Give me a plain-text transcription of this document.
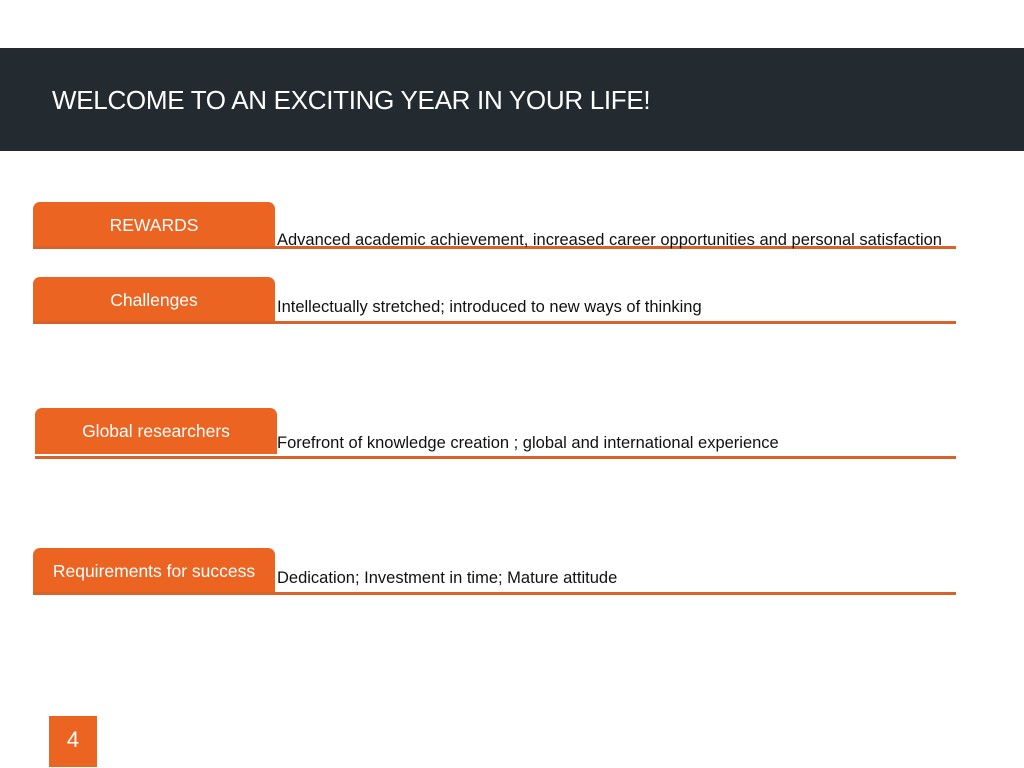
WELCOME TO AN EXCITING YEAR IN YOUR LIFE!
REWARDS
Advanced academic achievement, increased career opportunities and personal satisfaction
Challenges	Intellectually stretched; introduced to new ways of thinking
Global researchers
Forefront of knowledge creation ; global and international experience
Requirements for success	Dedication; Investment in time; Mature attitude
4
